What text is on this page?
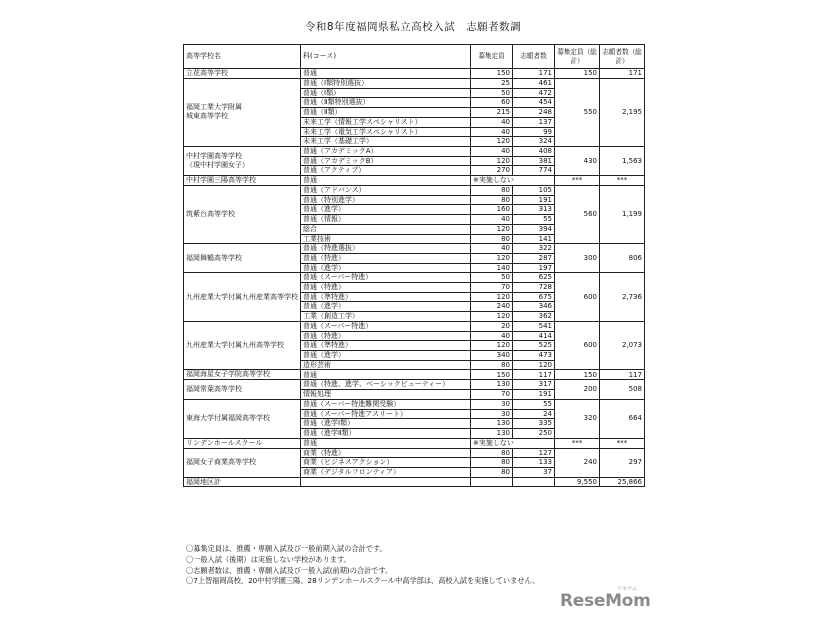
令和8年度福岡県私立高校入試　志願者数調
高等学校名	科(コース)	募集定員	志願者数	募集定員（総計）	志願者数（総計）
立花高等学校	普通	150	171	150	171
福岡工業大学附属
城東高等学校	普通（Ⅰ類特別選抜）	25	461	550	2,195
	普通（Ⅰ類）	50	472		
	普通（Ⅱ類特別選抜）	60	454		
	普通（Ⅱ類）	215	248		
	未来工学（情報工学スペシャリスト）	40	137		
	未来工学（電気工学スペシャリスト）	40	99		
	未来工学（基礎工学）	120	324		
中村学園高等学校
（現中村学園女子）	普通（アカデミックA）	40	408	430	1,563
	普通（アカデミックB）	120	381		
	普通（アクティブ）	270	774		
中村学園三陽高等学校	普通	※実施しない		***	***
筑紫台高等学校	普通（アドバンス）	80	105	560	1,199
	普通（特別進学）	80	191		
	普通（進学）	160	313		
	普通（情報）	40	55		
	総合	120	394		
	工業技術	80	141		
福岡舞鶴高等学校	普通（特進選抜）	40	322	300	806
	普通（特進）	120	287		
	普通（進学）	140	197		
九州産業大学付属九州産業高等学校	普通（スーパー特進）	50	625	600	2,736
	普通（特進）	70	728		
	普通（準特進）	120	675		
	普通（進学）	240	346		
	工業（創造工学）	120	362		
九州産業大学付属九州高等学校	普通（スーパー特進）	20	541	600	2,073
	普通（特進）	40	414		
	普通（準特進）	120	525		
	普通（進学）	340	473		
	造形芸術	80	120		
福岡海星女子学院高等学校	普通	150	117	150	117
福岡常葉高等学校	普通（特進、進学、ベーシックビューティー）	130	317	200	508
	情報処理	70	191		
東海大学付属福岡高等学校	普通（スーパー特進難関受験）	30	55	320	664
	普通（スーパー特進アスリート）	30	24		
	普通（進学Ⅰ類）	130	335		
	普通（進学Ⅱ類）	130	250		
リンデンホールスクール	普通	※実施しない		***	***
福岡女子商業高等学校	商業（特進）	80	127	240	297
	商業（ビジネスアクション）	80	133		
	商業（デジタルフロンティア）	80	37		
福岡地区計				9,550	25,866
〇募集定員は、推薦・専願入試及び一般前期入試の合計です。
〇一般入試（後期）は実施しない学校があります。
〇志願者数は、推薦・専願入試及び一般入試(前期)の合計です。
〇7上智福岡高校、20中村学園三陽、28リンデンホールスクール中高学部は、高校入試を実施していません。
リセマム
ReseMom
